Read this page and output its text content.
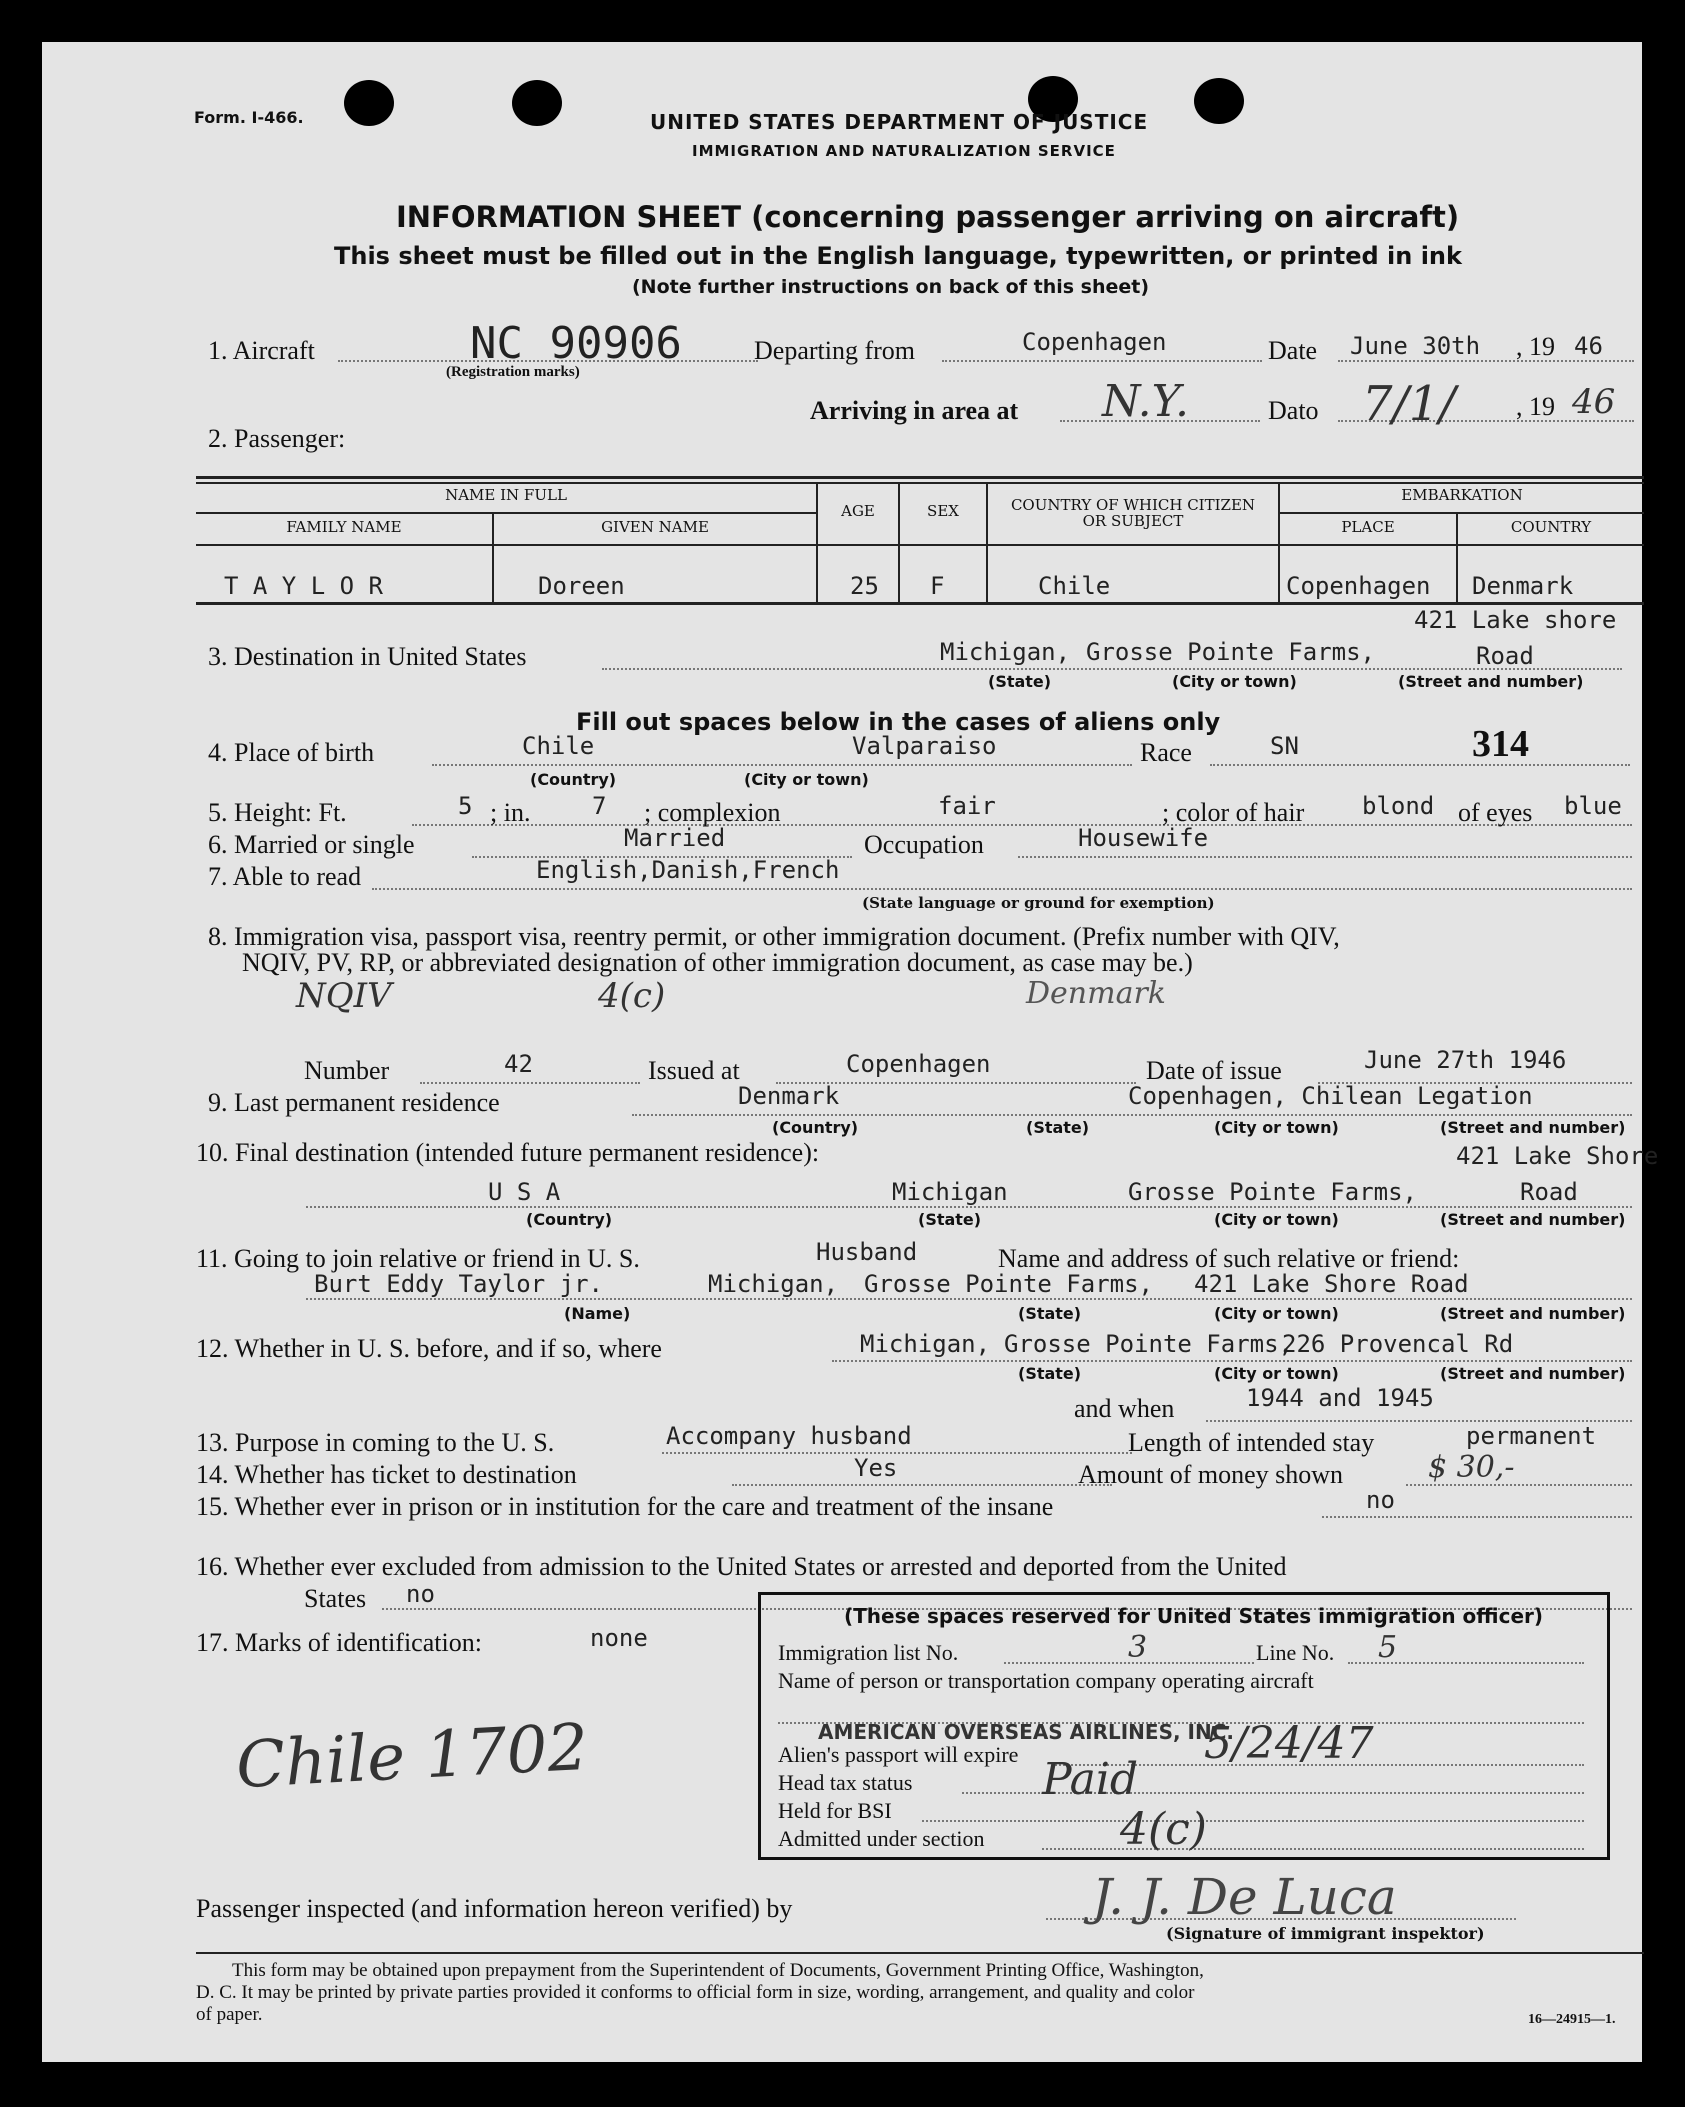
Form. I-466.	UNITED STATES DEPARTMENT OF JUSTICE
IMMIGRATION AND NATURALIZATION SERVICE
INFORMATION SHEET (concerning passenger arriving on aircraft)
This sheet must be filled out in the English language, typewritten, or printed in ink
(Note further instructions on back of this sheet)
1. Aircraft	NC 90906
(Registration marks)
Departing from	Copenhagen	Date June 30th , 19 46
Arriving in area at N.Y.	Dato 7/1/ , 19 46
2. Passenger:
NAME IN FULL
FAMILY NAME	GIVEN NAME
AGE	SEX	COUNTRY OF WHICH CITIZEN
OR SUBJECT
EMBARKATION
PLACE	COUNTRY
T A Y L O R	Doreen	25 F	Chile	Copenhagen Denmark
421 Lake shore
3. Destination in United States	Michigan, Grosse Pointe Farms,	Road
(State)	(City or town)	(Street and number)
Fill out spaces below in the cases of aliens only
4. Place of birth	Chile	Valparaiso
(Country)	(City or town)
Race	SN	314
5. Height: Ft.	5 ; in.	7 ; complexion	fair	; color of hair blond of eyes blue
6. Married or single	Married	Occupation	Housewife
7. Able to read	English,Danish,French
(State language or ground for exemption)
8. Immigration visa, passport visa, reentry permit, or other immigration document. (Prefix number with QIV,
NQIV, PV, RP, or abbreviated designation of other immigration document, as case may be.)
NQIV	4(c)	Denmark
Number	42	Issued at	Copenhagen	Date of issue	June 27th 1946
9. Last permanent residence	Denmark	Copenhagen, Chilean Legation
(Country)	(State)	(City or town)	(Street and number)
10. Final destination (intended future permanent residence):	421 Lake Shore
U S A	Michigan	Grosse Pointe Farms,	Road
(Country)	(State)	(City or town)	(Street and number)
11. Going to join relative or friend in U. S.	Husband	Name and address of such relative or friend:
Burt Eddy Taylor jr.	Michigan, Grosse Pointe Farms, 421 Lake Shore Road
(Name)	(State)	(City or town)	(Street and number)
12. Whether in U. S. before, and if so, where	Michigan, Grosse Pointe Farms,
226 Provencal Rd
(State)	(City or town)	(Street and number)
and when	1944 and 1945
13. Purpose in coming to the U. S.	Accompany husband	Length of intended stay	permanent
14. Whether has ticket to destination	Yes	Amount of money shown	$ 30,-
15. Whether ever in prison or in institution for the care and treatment of the insane	no
16. Whether ever excluded from admission to the United States or arrested and deported from the United
States no
17. Marks of identification:	none
Chile 1702
(These spaces reserved for United States immigration officer)
Immigration list No.	3	Line No. 5
Name of person or transportation company operating aircraft
AMERICAN OVERSEAS AIRLINES, INC.
Alien's passport will expire	5/24/47
Head tax status	Paid
Held for BSI
Admitted under section	4(c)
Passenger inspected (and information hereon verified) by	J. J. De Luca
(Signature of immigrant inspektor)
This form may be obtained upon prepayment from the Superintendent of Documents, Government Printing Office, Washington,
D. C. It may be printed by private parties provided it conforms to official form in size, wording, arrangement, and quality and color
of paper.	16—24915—1.
